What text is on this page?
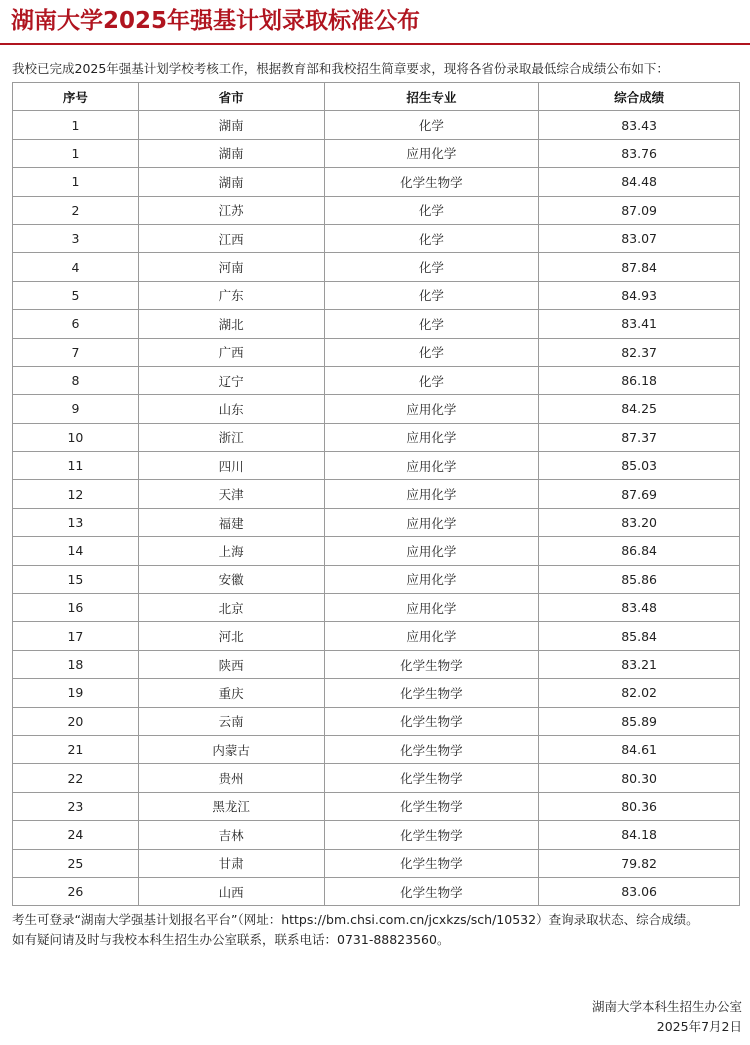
湖南大学2025年强基计划录取标准公布
我校已完成2025年强基计划学校考核工作，根据教育部和我校招生简章要求，现将各省份录取最低综合成绩公布如下：
序号	省市	招生专业	综合成绩
1	湖南	化学	83.43
1	湖南	应用化学	83.76
1	湖南	化学生物学	84.48
2	江苏	化学	87.09
3	江西	化学	83.07
4	河南	化学	87.84
5	广东	化学	84.93
6	湖北	化学	83.41
7	广西	化学	82.37
8	辽宁	化学	86.18
9	山东	应用化学	84.25
10	浙江	应用化学	87.37
11	四川	应用化学	85.03
12	天津	应用化学	87.69
13	福建	应用化学	83.20
14	上海	应用化学	86.84
15	安徽	应用化学	85.86
16	北京	应用化学	83.48
17	河北	应用化学	85.84
18	陕西	化学生物学	83.21
19	重庆	化学生物学	82.02
20	云南	化学生物学	85.89
21	内蒙古	化学生物学	84.61
22	贵州	化学生物学	80.30
23	黑龙江	化学生物学	80.36
24	吉林	化学生物学	84.18
25	甘肃	化学生物学	79.82
26	山西	化学生物学	83.06

考生可登录“湖南大学强基计划报名平台”（网址：https://bm.chsi.com.cn/jcxkzs/sch/10532）查询录取状态、综合成绩。

如有疑问请及时与我校本科生招生办公室联系，联系电话：0731-88823560。

湖南大学本科生招生办公室
2025年7月2日
